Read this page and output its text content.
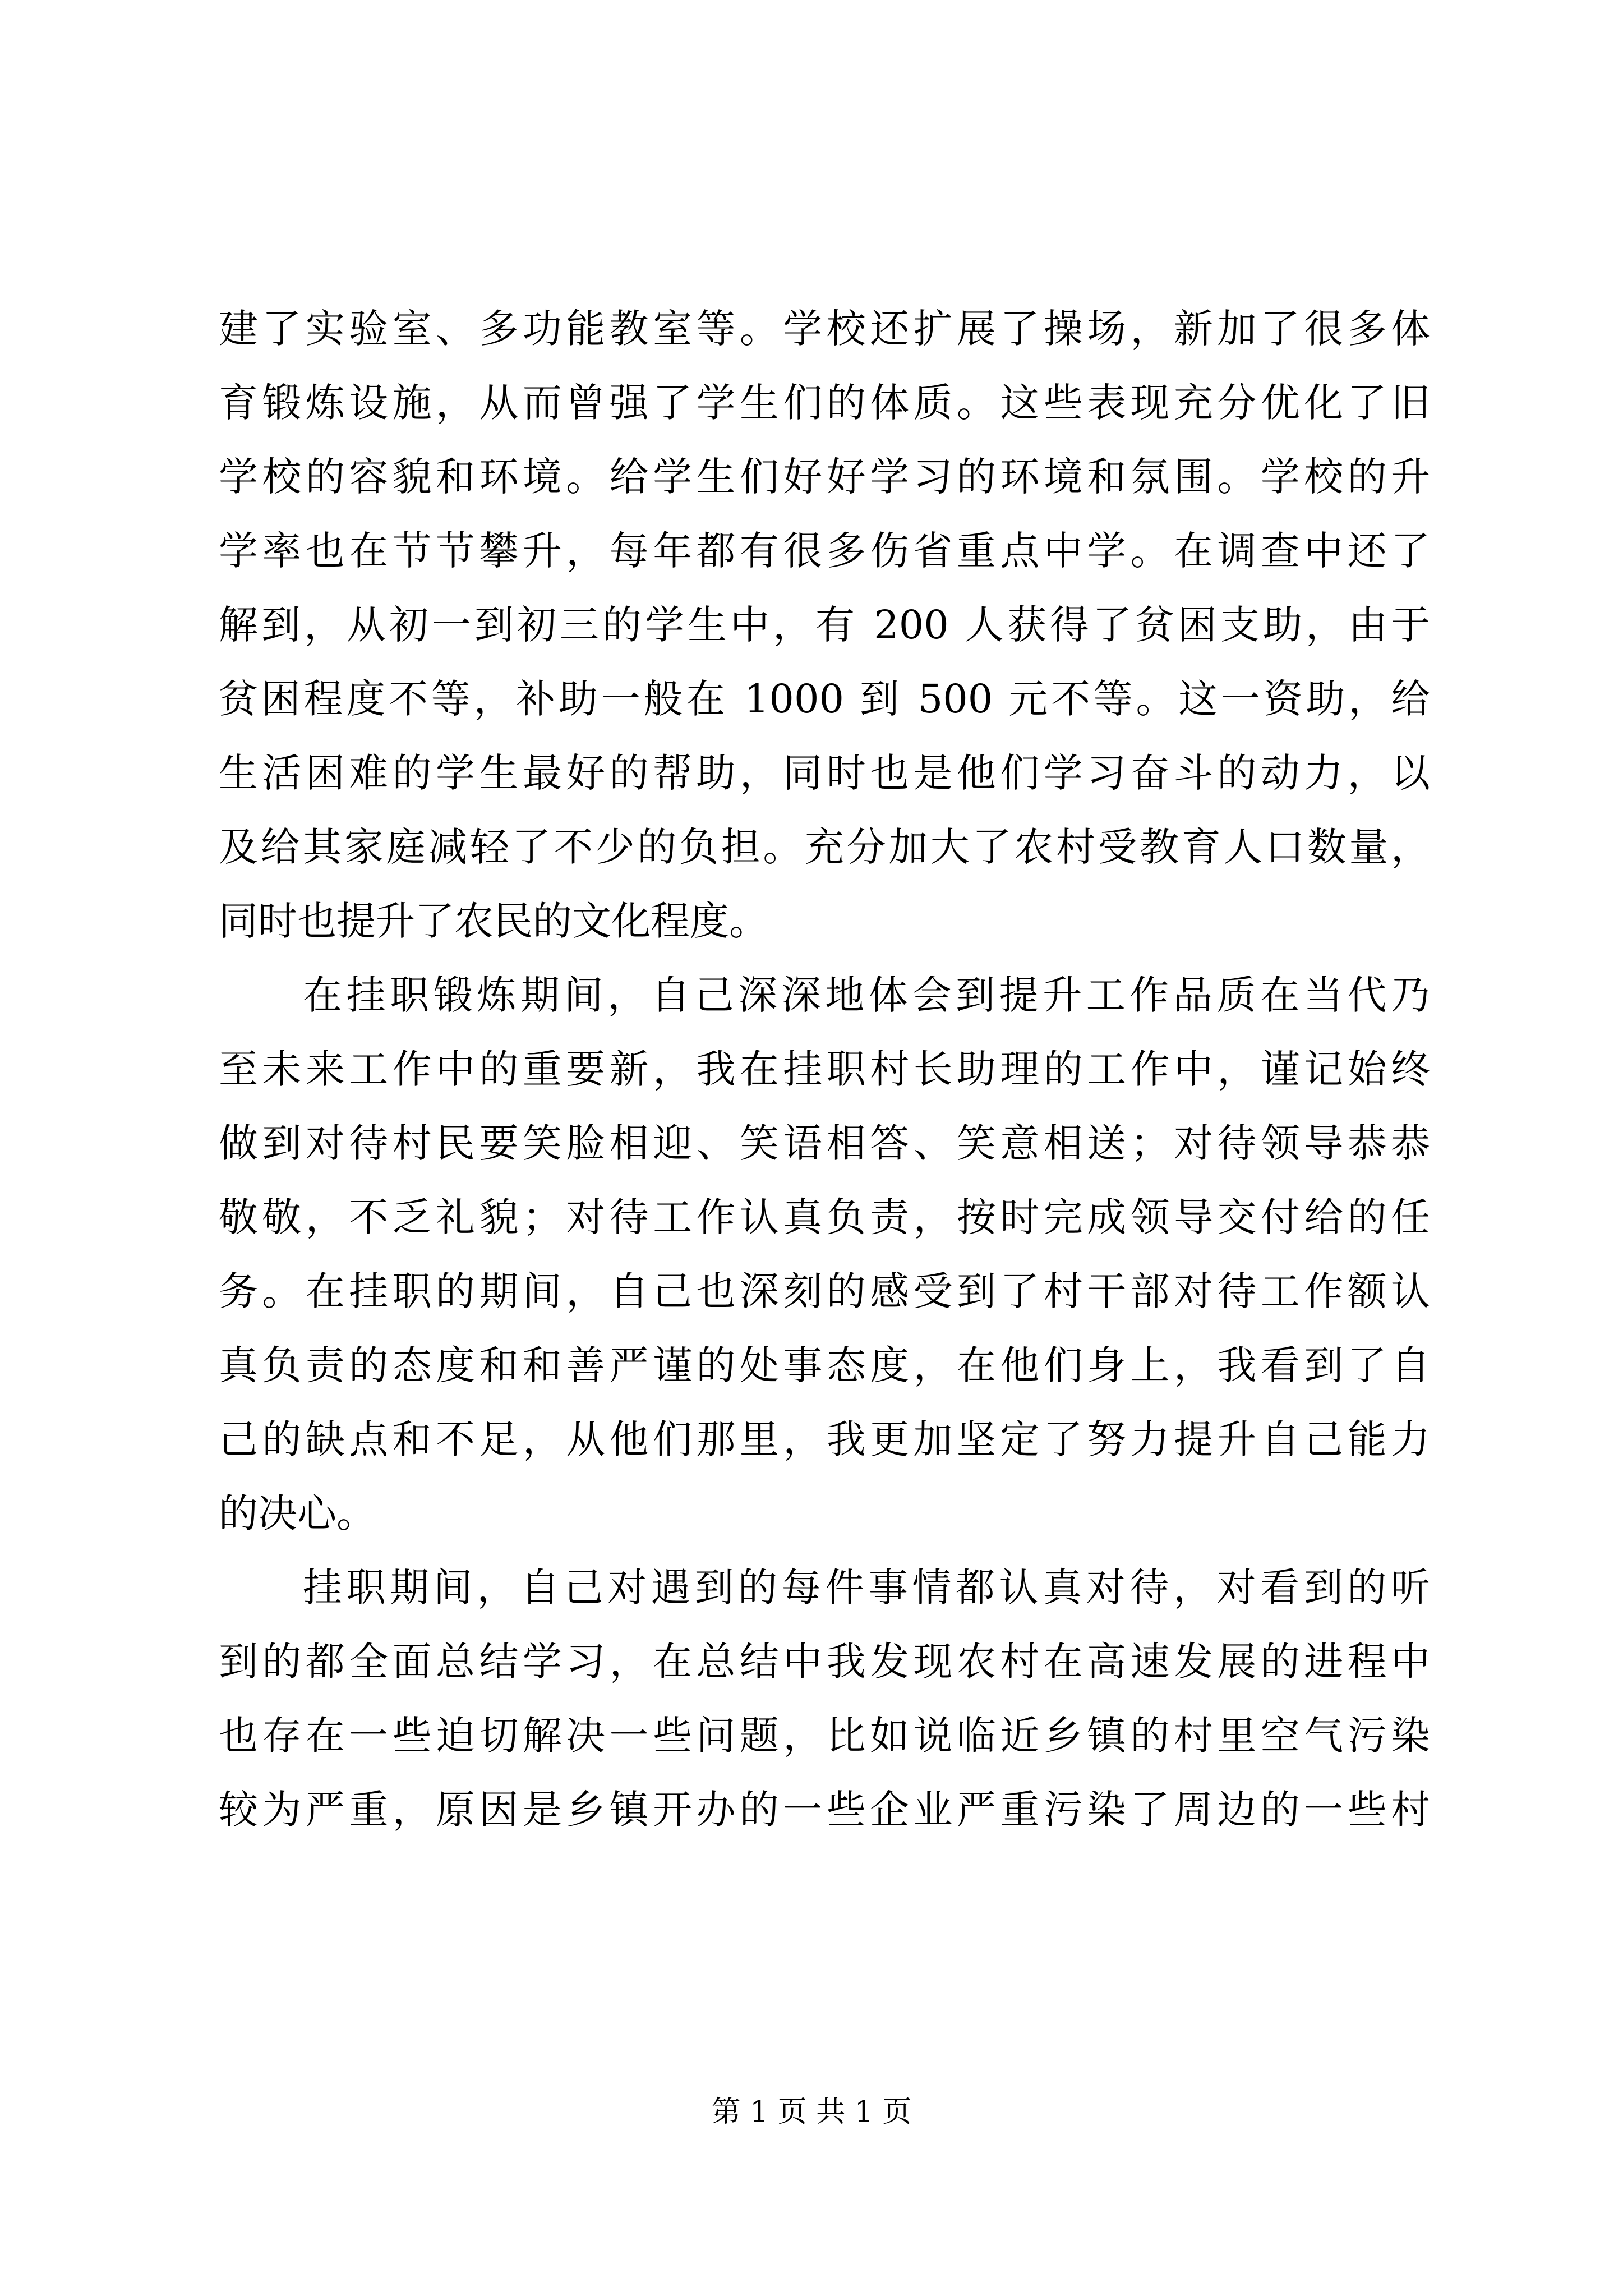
建了实验室、多功能教室等。学校还扩展了操场，新加了很多体
育锻炼设施，从而曾强了学生们的体质。这些表现充分优化了旧
学校的容貌和环境。给学生们好好学习的环境和氛围。学校的升
学率也在节节攀升，每年都有很多伤省重点中学。在调查中还了
解到，从初一到初三的学生中，有 200 人获得了贫困支助，由于
贫困程度不等，补助一般在 1000 到 500 元不等。这一资助，给
生活困难的学生最好的帮助，同时也是他们学习奋斗的动力，以
及给其家庭减轻了不少的负担。充分加大了农村受教育人口数量，
同时也提升了农民的文化程度。
在挂职锻炼期间，自己深深地体会到提升工作品质在当代乃
至未来工作中的重要新，我在挂职村长助理的工作中，谨记始终
做到对待村民要笑脸相迎、笑语相答、笑意相送；对待领导恭恭
敬敬，不乏礼貌；对待工作认真负责，按时完成领导交付给的任
务。在挂职的期间，自己也深刻的感受到了村干部对待工作额认
真负责的态度和和善严谨的处事态度，在他们身上，我看到了自
己的缺点和不足，从他们那里，我更加坚定了努力提升自己能力
的决心。
挂职期间，自己对遇到的每件事情都认真对待，对看到的听
到的都全面总结学习，在总结中我发现农村在高速发展的进程中
也存在一些迫切解决一些问题，比如说临近乡镇的村里空气污染
较为严重，原因是乡镇开办的一些企业严重污染了周边的一些村
第 1 页 共 1 页
